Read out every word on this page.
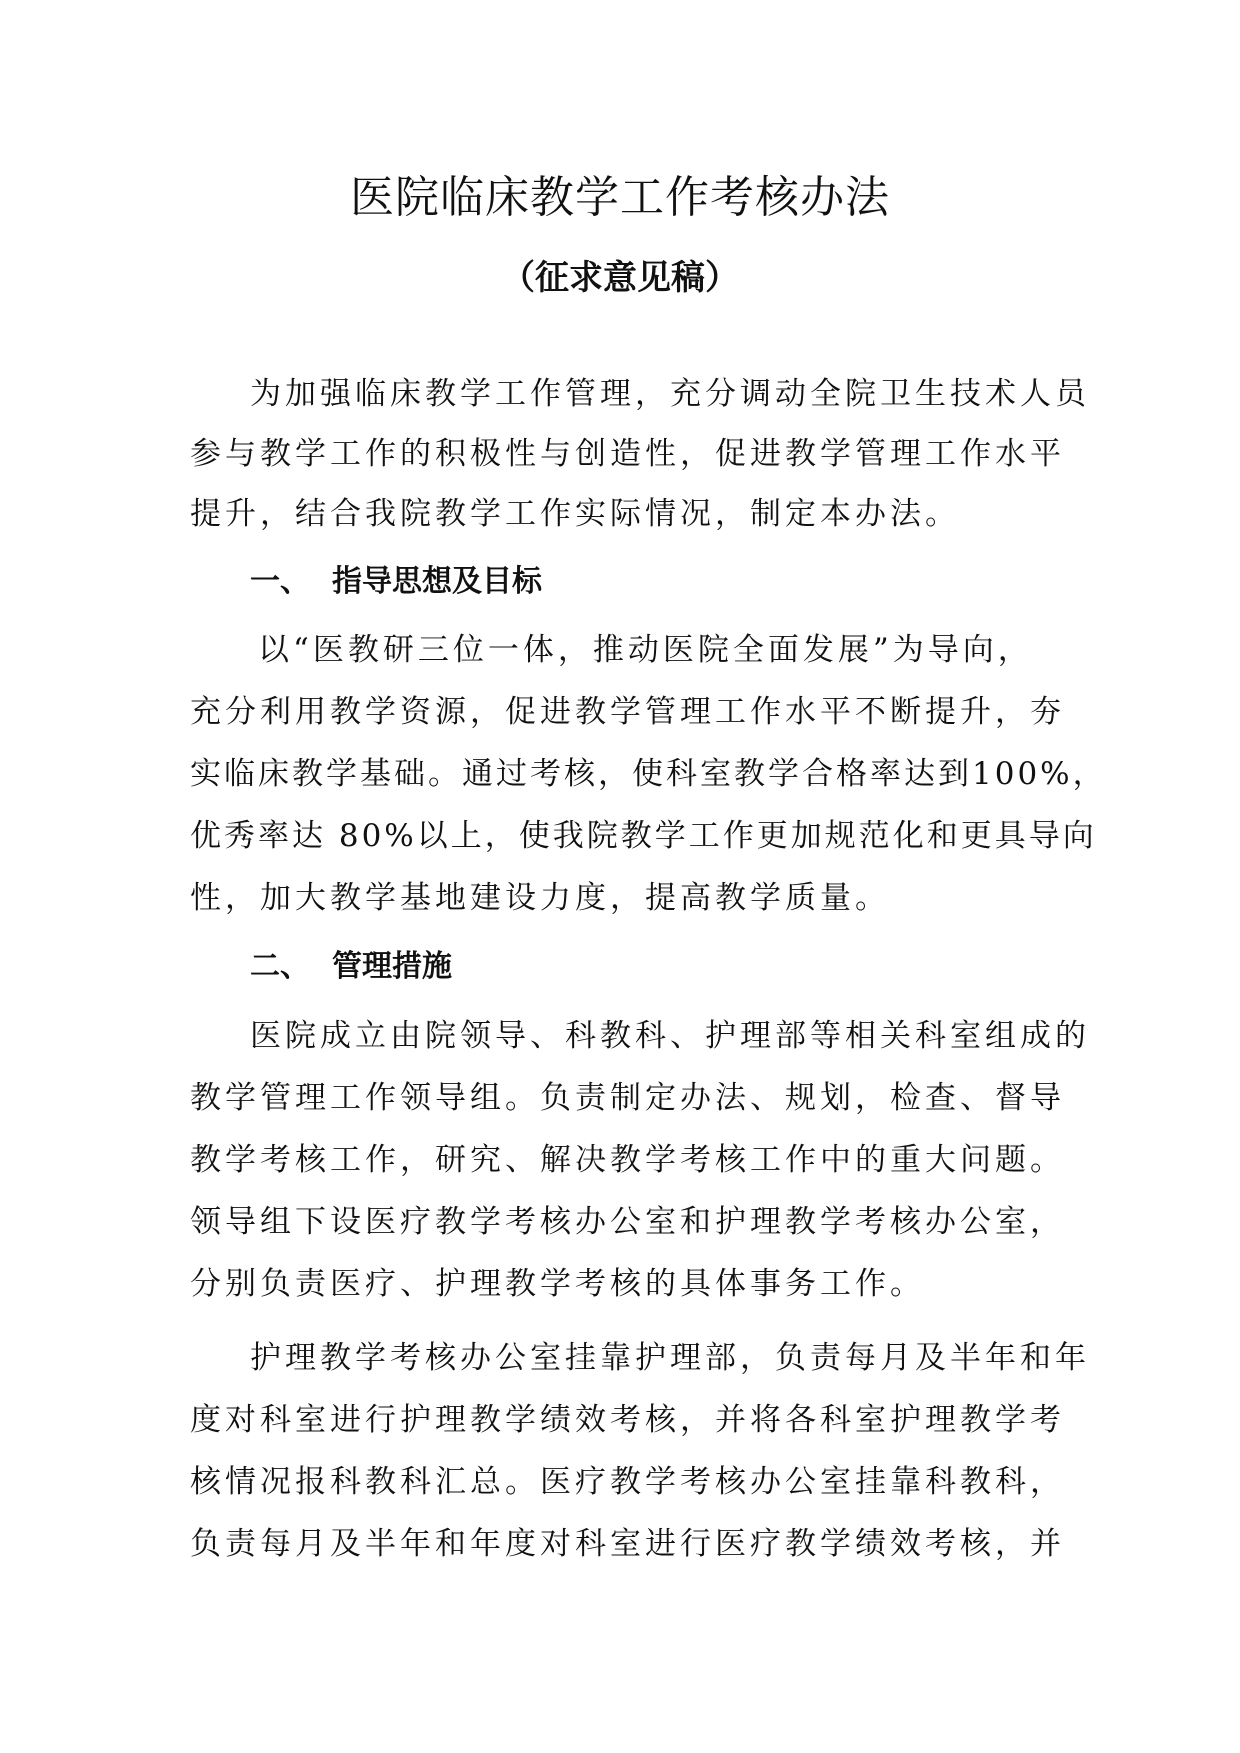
医院临床教学工作考核办法
（征求意见稿）

为加强临床教学工作管理，充分调动全院卫生技术人员

参与教学工作的积极性与创造性，促进教学管理工作水平

提升，结合我院教学工作实际情况，制定本办法。

一、 指导思想及目标

以“医教研三位一体，推动医院全面发展”为导向，

充分利用教学资源，促进教学管理工作水平不断提升，夯

实临床教学基础。通过考核，使科室教学合格率达到100%，

优秀率达 80%以上，使我院教学工作更加规范化和更具导向

性，加大教学基地建设力度，提高教学质量。

二、 管理措施

医院成立由院领导、科教科、护理部等相关科室组成的

教学管理工作领导组。负责制定办法、规划，检查、督导

教学考核工作，研究、解决教学考核工作中的重大问题。

领导组下设医疗教学考核办公室和护理教学考核办公室，

分别负责医疗、护理教学考核的具体事务工作。

护理教学考核办公室挂靠护理部，负责每月及半年和年

度对科室进行护理教学绩效考核，并将各科室护理教学考

核情况报科教科汇总。医疗教学考核办公室挂靠科教科，

负责每月及半年和年度对科室进行医疗教学绩效考核，并
